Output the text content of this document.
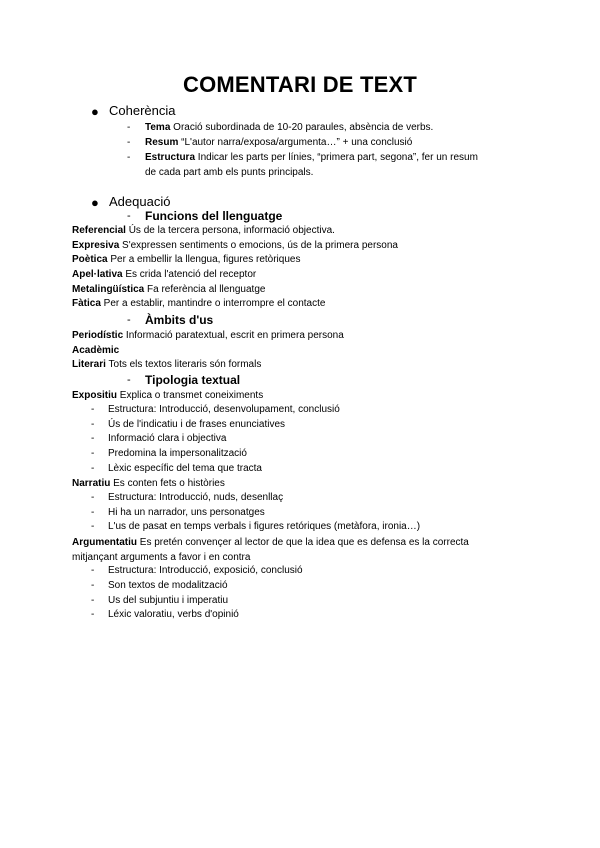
COMENTARI DE TEXT
● Coherència
- Tema Oració subordinada de 10-20 paraules, absència de verbs.
- Resum “L'autor narra/exposa/argumenta…” + una conclusió
- Estructura Indicar les parts per línies, “primera part, segona”, fer un resum
de cada part amb els punts principals.
● Adequació
- Funcions del llenguatge
Referencial Ús de la tercera persona, informació objectiva.
Expresiva S'expressen sentiments o emocions, ús de la primera persona
Poètica Per a embellir la llengua, figures retòriques
Apel·lativa Es crida l'atenció del receptor
Metalingüística Fa referència al llenguatge
Fàtica Per a establir, mantindre o interrompre el contacte
- Àmbits d'us
Periodístic Informació paratextual, escrit en primera persona
Acadèmic
Literari Tots els textos literaris són formals
- Tipologia textual
Expositiu Explica o transmet coneiximents
- Estructura: Introducció, desenvolupament, conclusió
- Ús de l'indicatiu i de frases enunciatives
- Informació clara i objectiva
- Predomina la impersonalització
- Lèxic específic del tema que tracta
Narratiu Es conten fets o històries
- Estructura: Introducció, nuds, desenllaç
- Hi ha un narrador, uns personatges
- L'us de pasat en temps verbals i figures retóriques (metàfora, ironia…)
Argumentatiu Es pretén convençer al lector de que la idea que es defensa es la correcta
mitjançant arguments a favor i en contra
- Estructura: Introducció, exposició, conclusió
- Son textos de modalització
- Us del subjuntiu i imperatiu
- Léxic valoratiu, verbs d'opinió
